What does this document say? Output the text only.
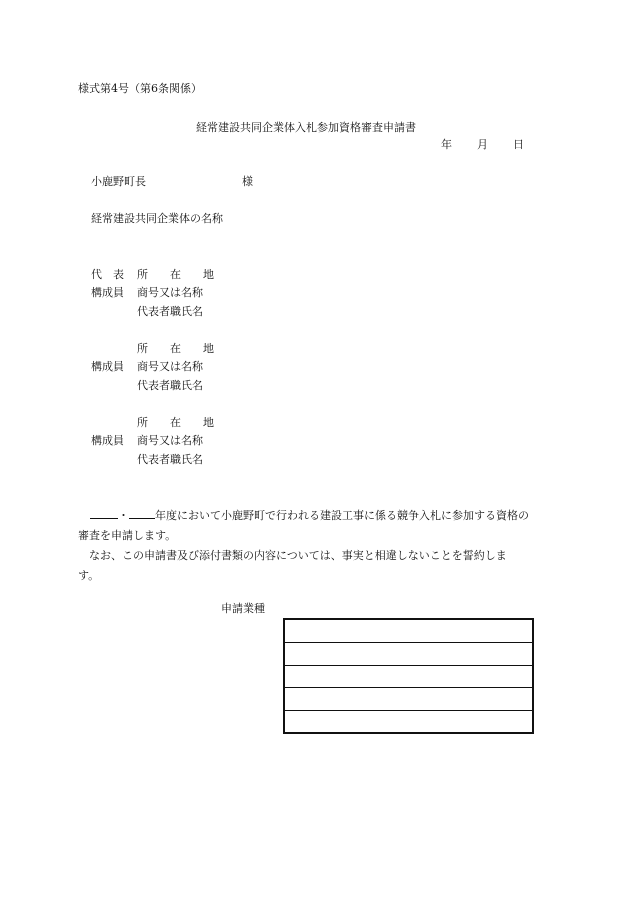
様式第4号（第6条関係）
経常建設共同企業体入札参加資格審査申請書
年 月 日
小鹿野町長	様
経常建設共同企業体の名称
代　表 所　　在　　地
構成員 商号又は名称
代表者職氏名
所　　在　　地
構成員 商号又は名称
代表者職氏名
所　　在　　地
構成員 商号又は名称
代表者職氏名
・ 年度において小鹿野町で行われる建設工事に係る競争入札に参加する資格の
審査を申請します。
なお、この申請書及び添付書類の内容については、事実と相違しないことを誓約しま
す。
申請業種
